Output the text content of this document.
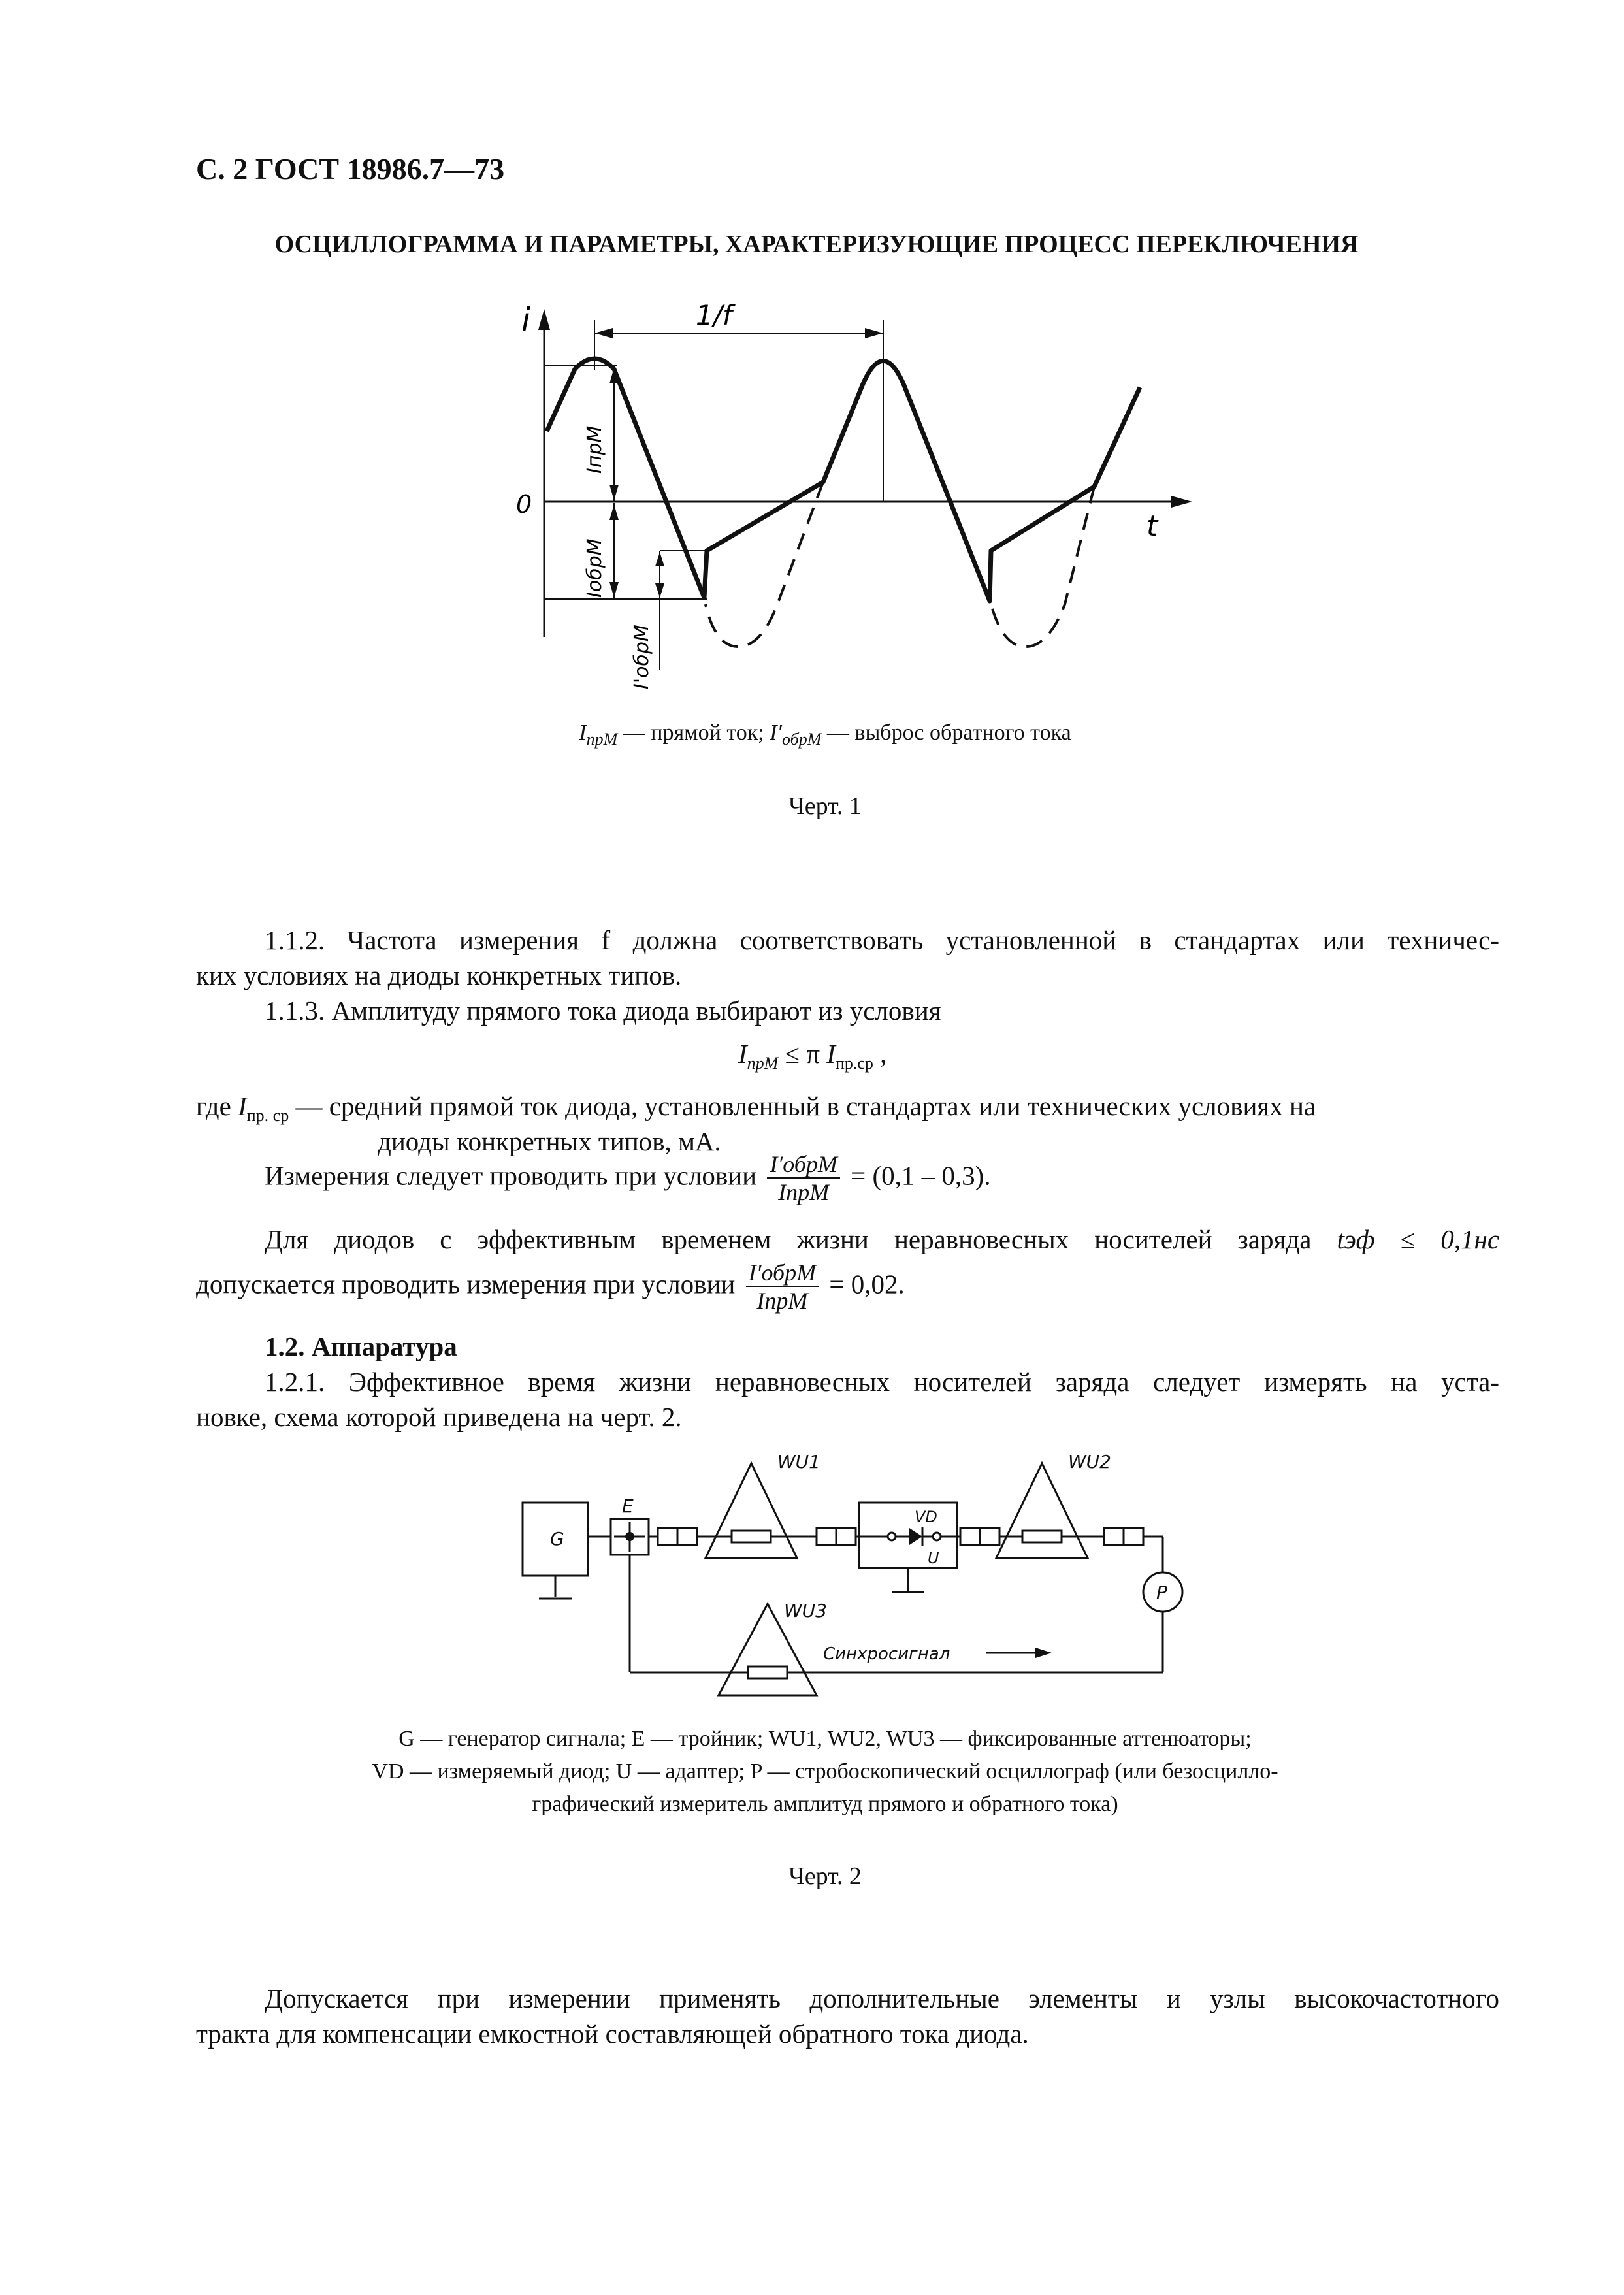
С. 2 ГОСТ 18986.7—73
ОСЦИЛЛОГРАММА И ПАРАМЕТРЫ, ХАРАКТЕРИЗУЮЩИЕ ПРОЦЕСС ПЕРЕКЛЮЧЕНИЯ
i
t
0
1/f
IпрM
IобрM
I'обрM
$I_{прM}$ — прямой ток; $I'_{обрM}$ — выброс обратного тока
Черт. 1
1.1.2. Частота измерения f должна соответствовать установленной в стандартах или техничес-
ких условиях на диоды конкретных типов.
1.1.3. Амплитуду прямого тока диода выбирают из условия
$I_{прM} \le \pi$ $I_{пр.ср}$ ,
где $I_{пр. ср}$ — средний прямой ток диода, установленный в стандартах или технических условиях на
диоды конкретных типов, мА.
Измерения следует проводить при условии $\frac{\text{I′обрM}}{\text{IпрM}} = (0,1 - 0,3)$.
Для диодов с эффективным временем жизни неравновесных носителей заряда tэф ≤ 0,1нс
допускается проводить измерения при условии $\frac{\text{I′обрM}}{\text{IпрM}} = 0,02$.
1.2. Аппаратура
1.2.1. Эффективное время жизни неравновесных носителей заряда следует измерять на уста-
новке, схема которой приведена на черт. 2.
G
E
WU1
VD
U
WU2
P
WU3
Синхросигнал
G — генератор сигнала; E — тройник; WU1, WU2, WU3 — фиксированные аттенюаторы;
VD — измеряемый диод; U — адаптер; P — стробоскопический осциллограф (или безосцилло-
графический измеритель амплитуд прямого и обратного тока)
Черт. 2
Допускается при измерении применять дополнительные элементы и узлы высокочастотного
тракта для компенсации емкостной составляющей обратного тока диода.
